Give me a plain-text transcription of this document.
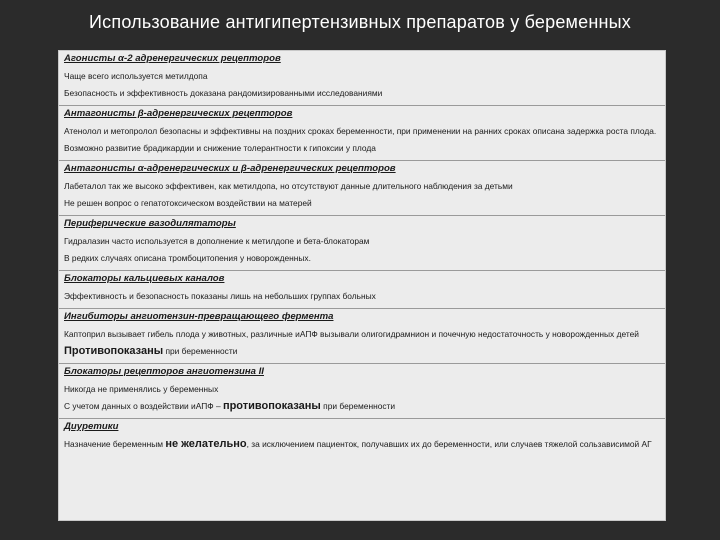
Использование антигипертензивных препаратов у беременных
Агонисты α-2 адренергических рецепторов
Чаще всего используется метилдопа
Безопасность и эффективность доказана рандомизированными исследованиями
Антагонисты β-адренергических рецепторов
Атенолол и метопролол безопасны и эффективны на поздних сроках беременности, при применении на ранних сроках описана задержка роста плода.
Возможно развитие брадикардии и снижение толерантности к гипоксии у плода
Антагонисты α-адренергических и β-адренергических рецепторов
Лабеталол так же высоко эффективен, как метилдопа, но отсутствуют данные длительного наблюдения за детьми
Не решен вопрос о гепатотоксическом воздействии на матерей
Периферические вазодилятаторы
Гидралазин часто используется в дополнение к метилдопе и бета-блокаторам
В редких случаях описана тромбоцитопения у новорожденных.
Блокаторы кальциевых каналов
Эффективность и безопасность показаны лишь на небольших группах больных
Ингибиторы ангиотензин-превращающего фермента
Каптоприл вызывает гибель плода у животных, различные иАПФ вызывали олигогидрамнион и почечную недостаточность у новорожденных детей
Противопоказаны при беременности
Блокаторы рецепторов ангиотензина II
Никогда не применялись у беременных
С учетом данных о воздействии иАПФ – противопоказаны при беременности
Диуретики
Назначение беременным не желательно, за исключением пациенток, получавших их до беременности, или случаев тяжелой сользависимой АГ
